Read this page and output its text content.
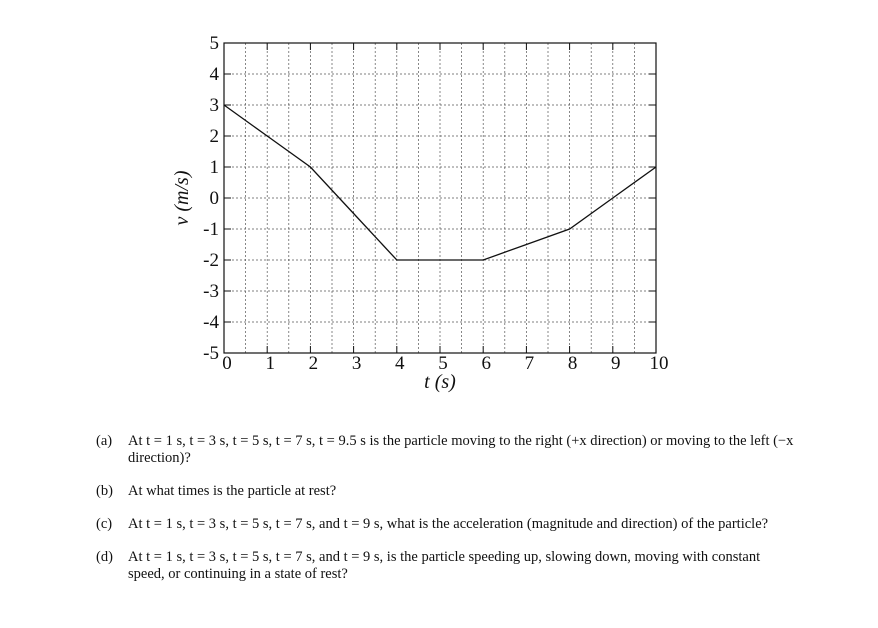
-5
-4
-3
-2
-1
0
1
2
3
4
5
0 1 2 3 4 5 6 7 8 9 10
t (s)
v (m/s)
(a) At t = 1 s, t = 3 s, t = 5 s, t = 7 s, t = 9.5 s is the particle moving to the right (+x direction) or moving to the left (−x direction)?
(b) At what times is the particle at rest?
(c) At t = 1 s, t = 3 s, t = 5 s, t = 7 s, and t = 9 s, what is the acceleration (magnitude and direction) of the particle?
(d) At t = 1 s, t = 3 s, t = 5 s, t = 7 s, and t = 9 s, is the particle speeding up, slowing down, moving with constant speed, or continuing in a state of rest?
